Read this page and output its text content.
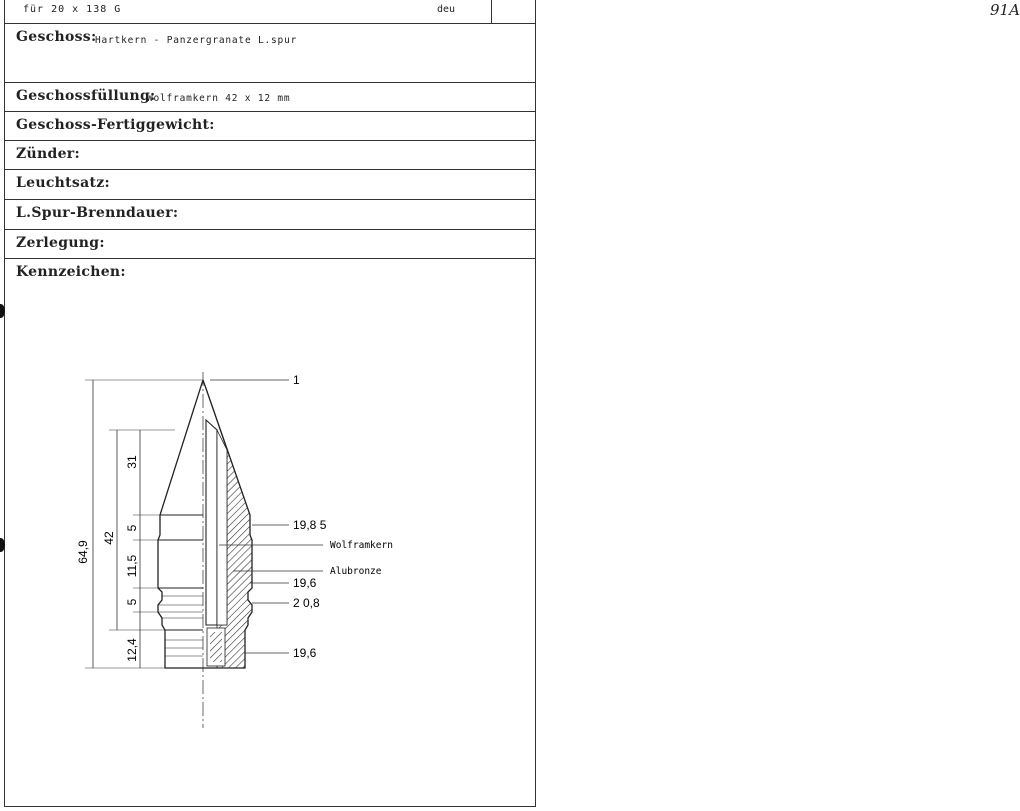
für 20 x 138 G	deu	91A
Geschoss:
Hartkern - Panzergranate L.spur
Geschossfüllung:
Wolframkern 42 x 12 mm
Geschoss-Fertiggewicht:
Zünder:
Leuchtsatz:
L.Spur-Brenndauer:
Zerlegung:
Kennzeichen:
64,9
42
31
5
11,5
5
12,4
1
19,8 5
Wolframkern
Alubronze
19,6
2 0,8
19,6
